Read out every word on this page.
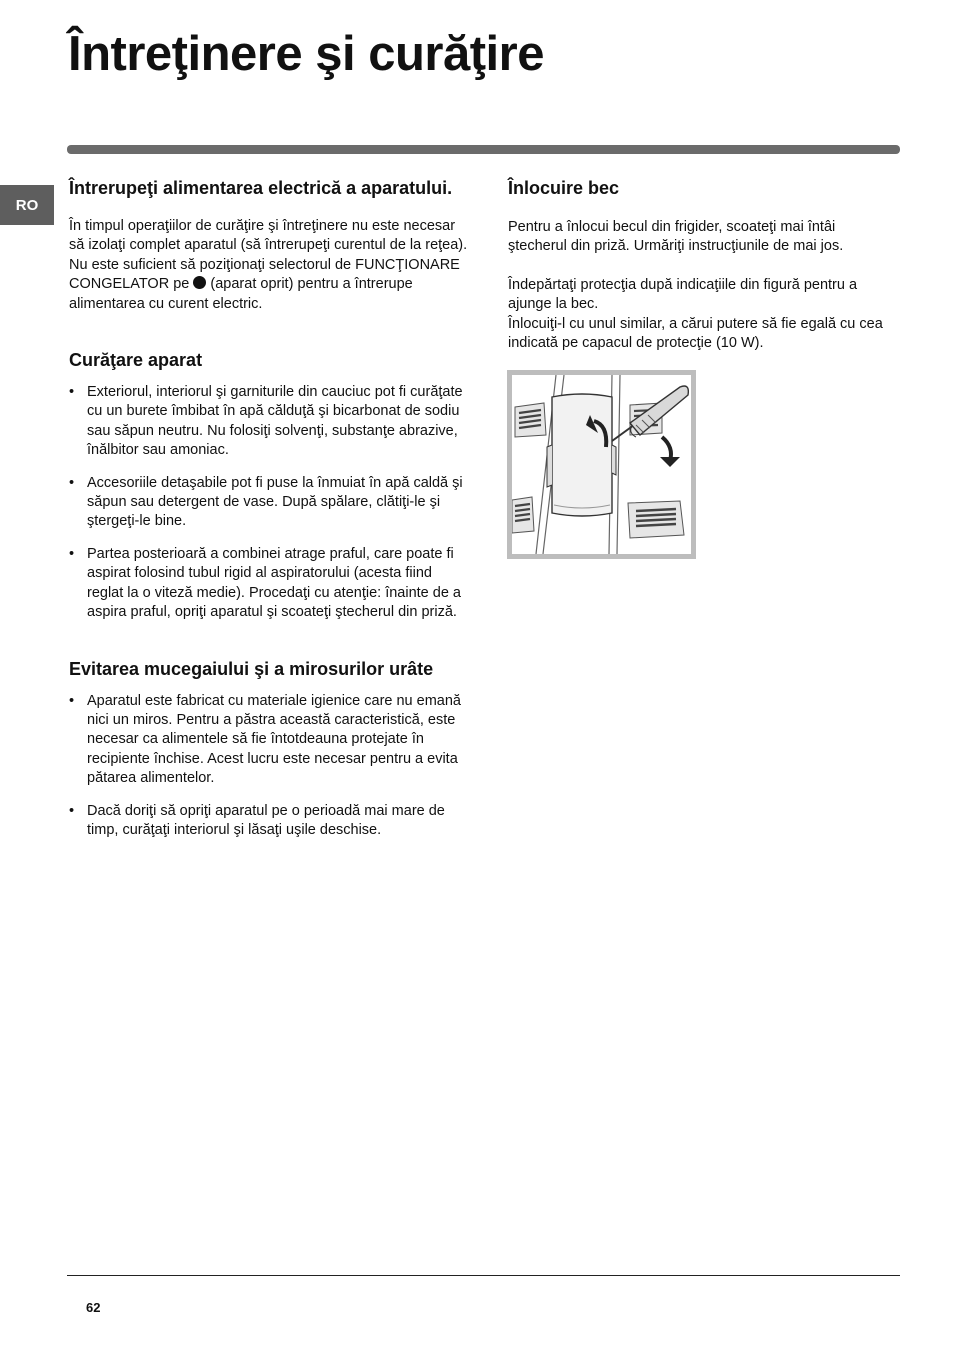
Întreţinere şi curăţire
RO
Întrerupeţi alimentarea electrică a aparatului.

În timpul operaţiilor de curăţire şi întreţinere nu este necesar să izolaţi complet aparatul (să întrerupeţi curentul de la reţea).

Nu este suficient să poziţionaţi selectorul de FUNCŢIONARE CONGELATOR pe (aparat oprit) pentru a întrerupe alimentarea cu curent electric.

Curăţare aparat
• Exteriorul, interiorul şi garniturile din cauciuc pot fi curăţate cu un burete îmbibat în apă călduţă şi bicarbonat de sodiu sau săpun neutru. Nu folosiţi solvenţi, substanţe abrazive, înălbitor sau amoniac.
• Accesoriile detaşabile pot fi puse la înmuiat în apă caldă şi săpun sau detergent de vase. După spălare, clătiţi-le şi ştergeţi-le bine.
• Partea posterioară a combinei atrage praful, care poate fi aspirat folosind tubul rigid al aspiratorului (acesta fiind reglat la o viteză medie). Procedaţi cu atenţie: înainte de a aspira praful, opriţi aparatul şi scoateţi ştecherul din priză.
Evitarea mucegaiului şi a mirosurilor urâte
• Aparatul este fabricat cu materiale igienice care nu emană nici un miros. Pentru a păstra această caracteristică, este necesar ca alimentele să fie întotdeauna protejate în recipiente închise. Acest lucru este necesar pentru a evita pătarea alimentelor.
• Dacă doriţi să opriţi aparatul pe o perioadă mai mare de timp, curăţaţi interiorul şi lăsaţi uşile deschise.
Înlocuire bec

Pentru a înlocui becul din frigider, scoateţi mai întâi ştecherul din priză. Urmăriţi instrucţiunile de mai jos.

Îndepărtaţi protecţia după indicaţiile din figură pentru a ajunge la bec.

Înlocuiţi-l cu unul similar, a cărui putere să fie egală cu cea indicată pe capacul de protecţie (10 W).

62
